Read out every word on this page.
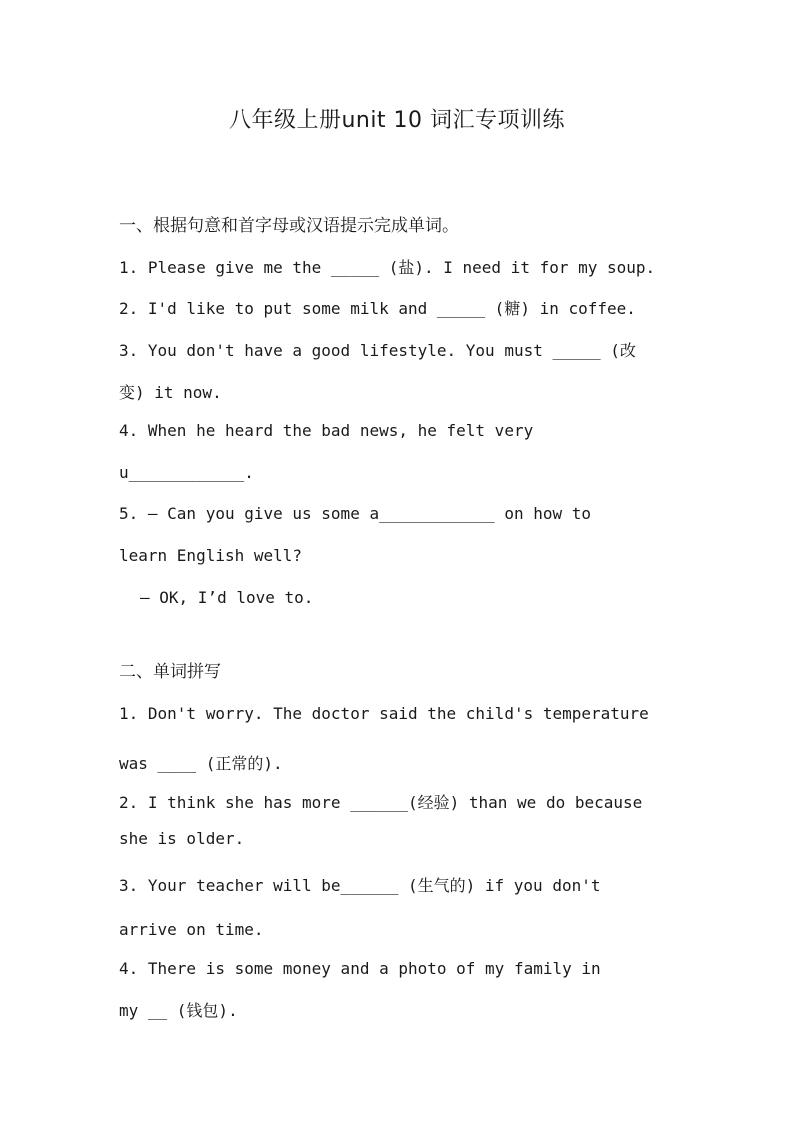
八年级上册unit 10 词汇专项训练
一、根据句意和首字母或汉语提示完成单词。
1. Please give me the _____ (盐). I need it for my soup.
2. I'd like to put some milk and _____ (糖) in coffee.
3. You don't have a good lifestyle. You must _____ (改
变) it now.
4. When he heard the bad news, he felt very
u____________.
5. — Can you give us some a____________ on how to
learn English well?
— OK, I’d love to.
二、单词拼写
1. Don't worry. The doctor said the child's temperature
was ____ (正常的).
2. I think she has more ______(经验) than we do because
she is older.
3. Your teacher will be______ (生气的) if you don't
arrive on time.
4. There is some money and a photo of my family in
my __ (钱包).
